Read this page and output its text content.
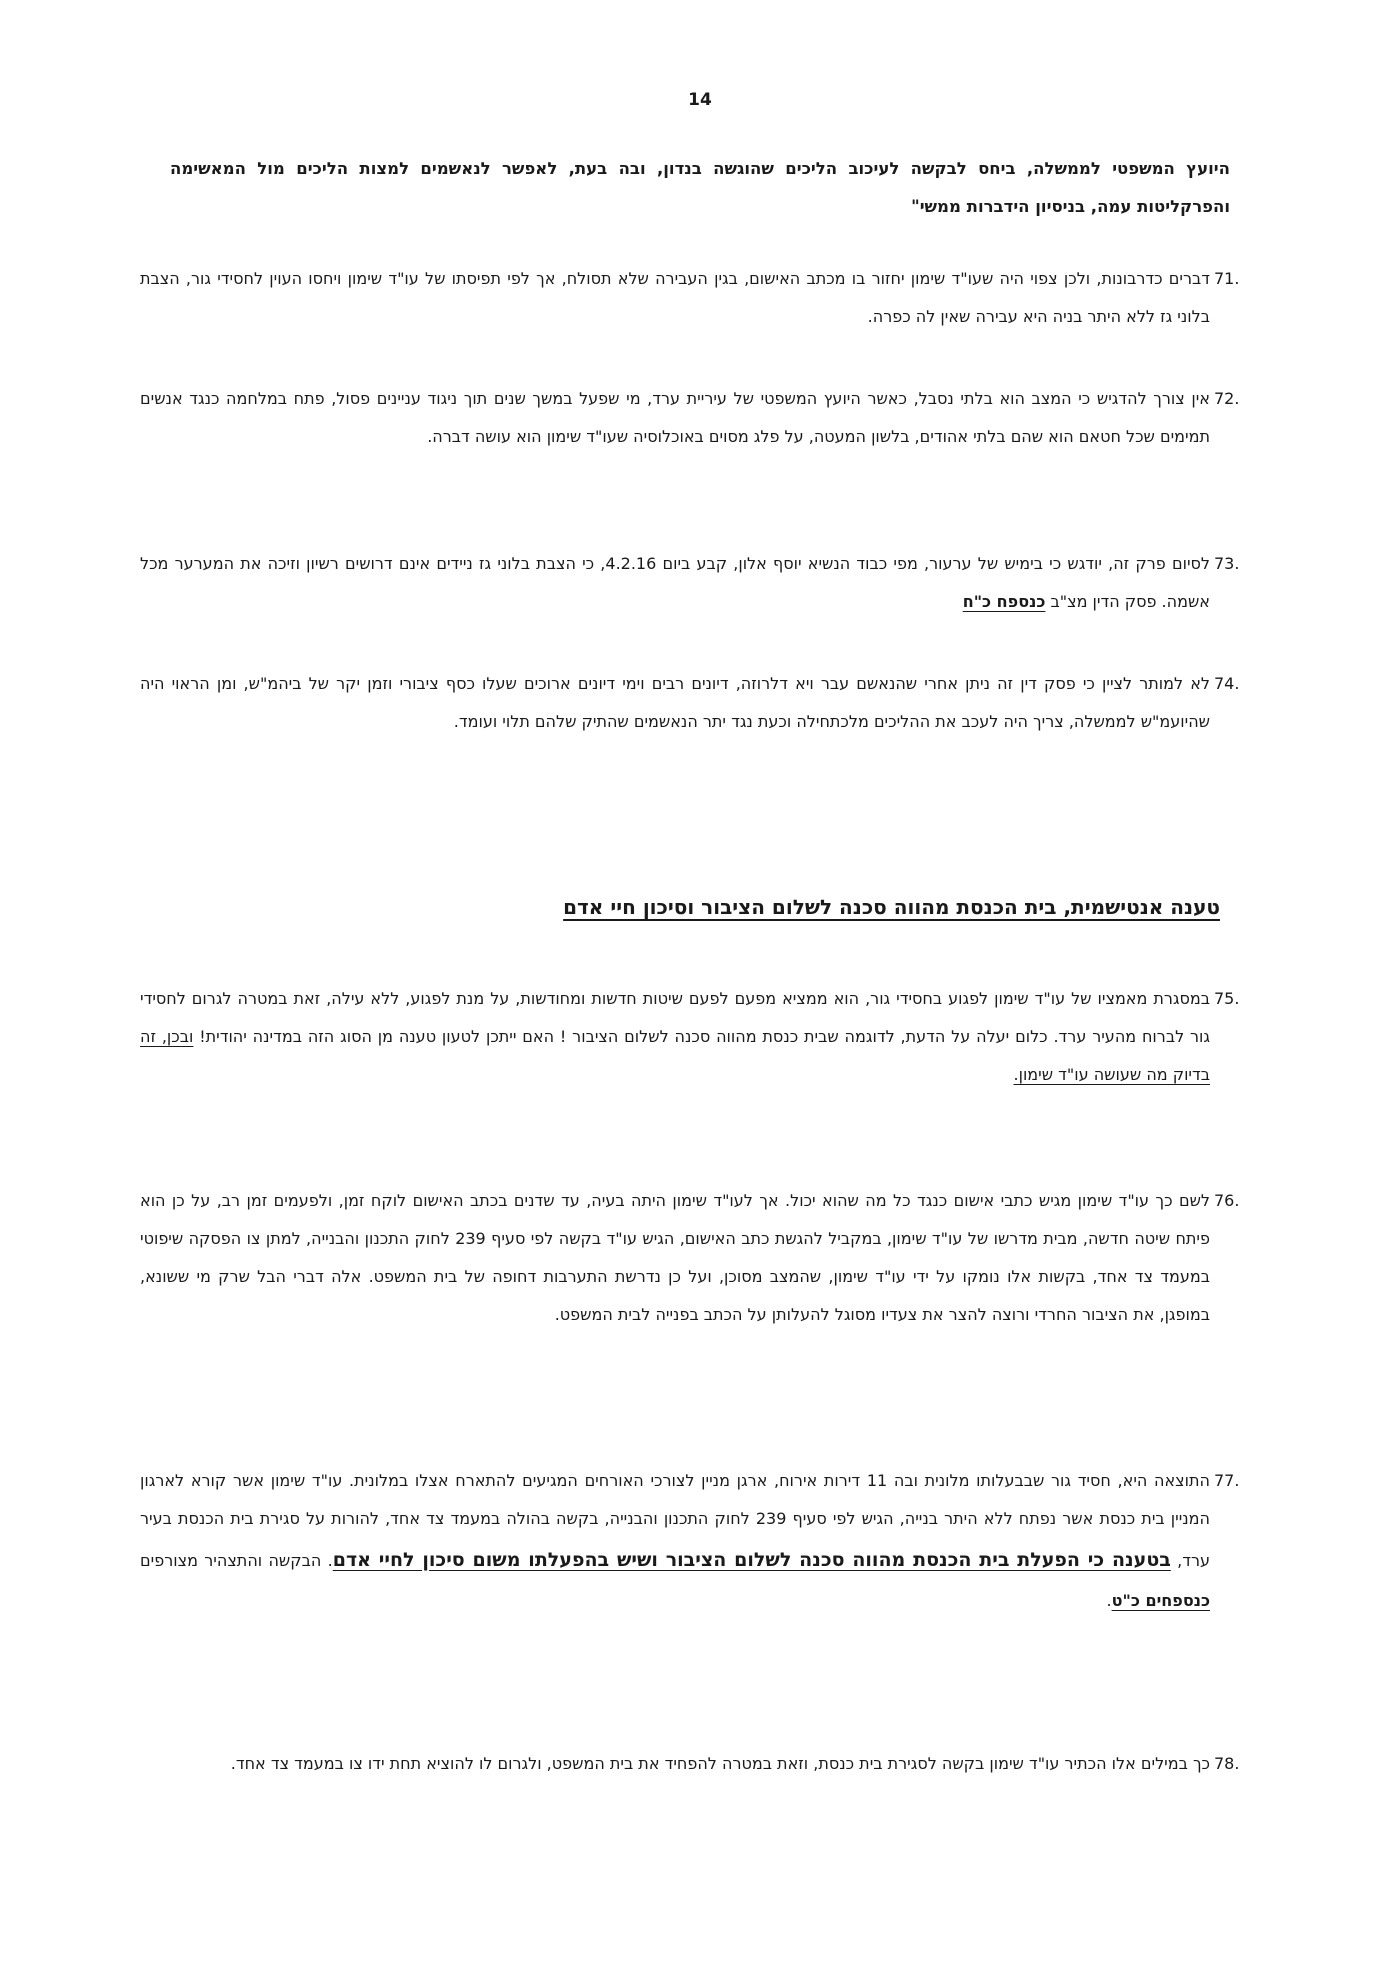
14
היועץ המשפטי לממשלה, ביחס לבקשה לעיכוב הליכים שהוגשה בנדון, ובה בעת, לאפשר לנאשמים למצות הליכים מול המאשימה והפרקליטות עמה, בניסיון הידברות ממשי"
71.
דברים כדרבונות, ולכן צפוי היה שעו"ד שימון יחזור בו מכתב האישום, בגין העבירה שלא תסולח, אך לפי תפיסתו של עו"ד שימון ויחסו העוין לחסידי גור, הצבת בלוני גז ללא היתר בניה היא עבירה שאין לה כפרה.
72.
אין צורך להדגיש כי המצב הוא בלתי נסבל, כאשר היועץ המשפטי של עיריית ערד, מי שפעל במשך שנים תוך ניגוד עניינים פסול, פתח במלחמה כנגד אנשים תמימים שכל חטאם הוא שהם בלתי אהודים, בלשון המעטה, על פלג מסוים באוכלוסיה שעו"ד שימון הוא עושה דברה.
73.
לסיום פרק זה, יודגש כי בימיש של ערעור, מפי כבוד הנשיא יוסף אלון, קבע ביום 4.2.16, כי הצבת בלוני גז ניידים אינם דרושים רשיון וזיכה את המערער מכל אשמה. פסק הדין מצ"ב כנספח כ"ח
74.
לא למותר לציין כי פסק דין זה ניתן אחרי שהנאשם עבר ויא דלרוזה, דיונים רבים וימי דיונים ארוכים שעלו כסף ציבורי וזמן יקר של ביהמ"ש, ומן הראוי היה שהיועמ"ש לממשלה, צריך היה לעכב את ההליכים מלכתחילה וכעת נגד יתר הנאשמים שהתיק שלהם תלוי ועומד.
טענה אנטישמית, בית הכנסת מהווה סכנה לשלום הציבור וסיכון חיי אדם
75.
במסגרת מאמציו של עו"ד שימון לפגוע בחסידי גור, הוא ממציא מפעם לפעם שיטות חדשות ומחודשות, על מנת לפגוע, ללא עילה, זאת במטרה לגרום לחסידי גור לברוח מהעיר ערד. כלום יעלה על הדעת, לדוגמה שבית כנסת מהווה סכנה לשלום הציבור ! האם ייתכן לטעון טענה מן הסוג הזה במדינה יהודית! ובכן, זה בדיוק מה שעושה עו"ד שימון.
76.
לשם כך עו"ד שימון מגיש כתבי אישום כנגד כל מה שהוא יכול. אך לעו"ד שימון היתה בעיה, עד שדנים בכתב האישום לוקח זמן, ולפעמים זמן רב, על כן הוא פיתח שיטה חדשה, מבית מדרשו של עו"ד שימון, במקביל להגשת כתב האישום, הגיש עו"ד בקשה לפי סעיף 239 לחוק התכנון והבנייה, למתן צו הפסקה שיפוטי במעמד צד אחד, בקשות אלו נומקו על ידי עו"ד שימון, שהמצב מסוכן, ועל כן נדרשת התערבות דחופה של בית המשפט. אלה דברי הבל שרק מי ששונא, במופגן, את הציבור החרדי ורוצה להצר את צעדיו מסוגל להעלותן על הכתב בפנייה לבית המשפט.
77.
התוצאה היא, חסיד גור שבבעלותו מלונית ובה 11 דירות אירוח, ארגן מניין לצורכי האורחים המגיעים להתארח אצלו במלונית. עו"ד שימון אשר קורא לארגון המניין בית כנסת אשר נפתח ללא היתר בנייה, הגיש לפי סעיף 239 לחוק התכנון והבנייה, בקשה בהולה במעמד צד אחד, להורות על סגירת בית הכנסת בעיר ערד, בטענה כי הפעלת בית הכנסת מהווה סכנה לשלום הציבור ושיש בהפעלתו משום סיכון לחיי אדם. הבקשה והתצהיר מצורפים כנספחים כ"ט.
78.
כך במילים אלו הכתיר עו"ד שימון בקשה לסגירת בית כנסת, וזאת במטרה להפחיד את בית המשפט, ולגרום לו להוציא תחת ידו צו במעמד צד אחד.
